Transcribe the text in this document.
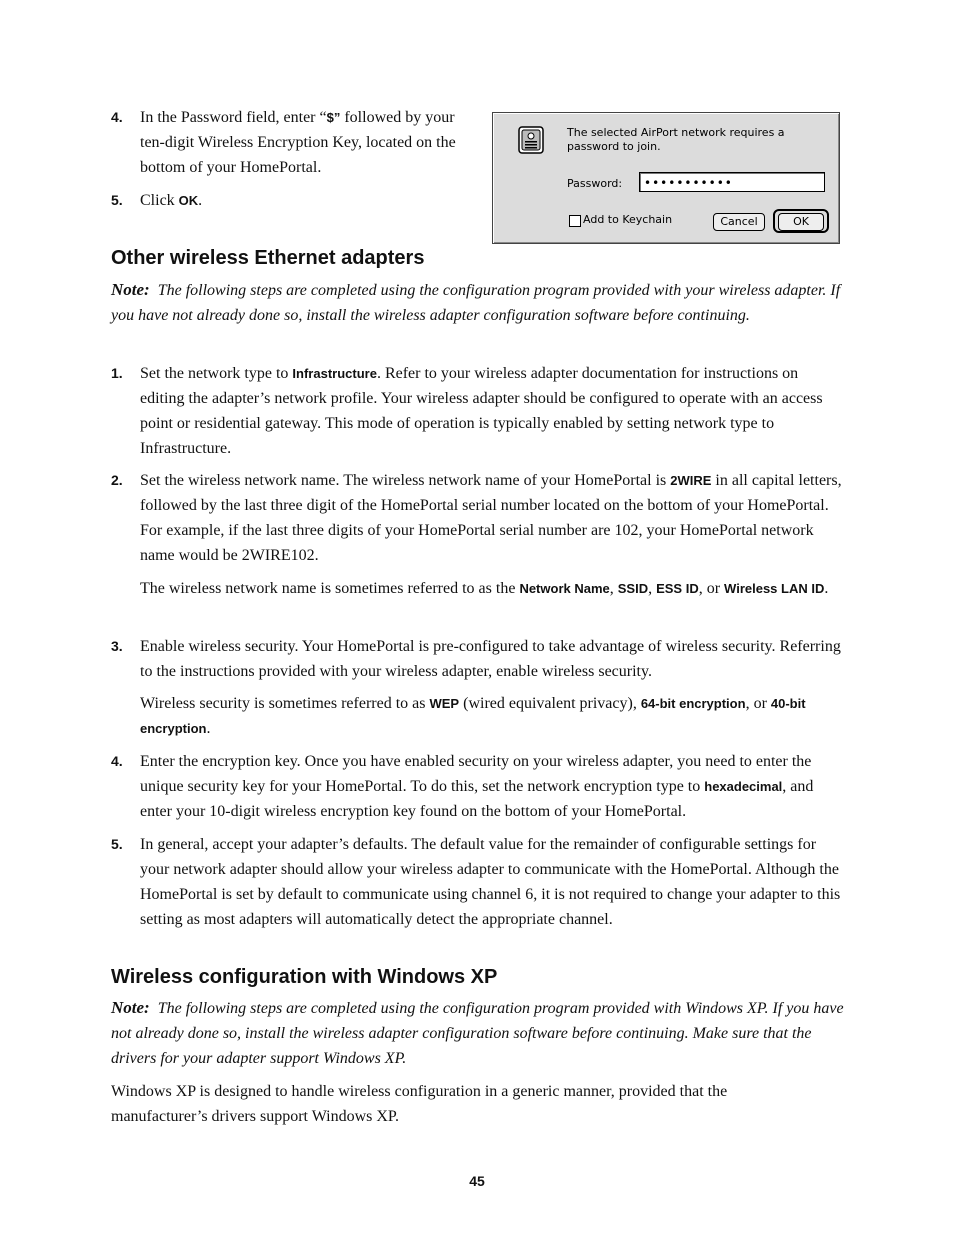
4. In the Password field, enter “$” followed by your ten-digit Wireless Encryption Key, located on the bottom of your HomePortal.

5. Click OK.

The selected AirPort network requires a password to join.
Password:	•••••••••••
Add to Keychain	Cancel	OK
Other wireless Ethernet adapters

Note: The following steps are completed using the configuration program provided with your wireless adapter. If you have not already done so, install the wireless adapter configuration software before continuing.

1. Set the network type to Infrastructure. Refer to your wireless adapter documentation for instructions on editing the adapter’s network profile. Your wireless adapter should be configured to operate with an access point or residential gateway. This mode of operation is typically enabled by setting network type to Infrastructure.

2. Set the wireless network name. The wireless network name of your HomePortal is 2WIRE in all capital letters, followed by the last three digit of the HomePortal serial number located on the bottom of your HomePortal. For example, if the last three digits of your HomePortal serial number are 102, your HomePortal network name would be 2WIRE102.

The wireless network name is sometimes referred to as the Network Name, SSID, ESS ID, or Wireless LAN ID.

3. Enable wireless security. Your HomePortal is pre-configured to take advantage of wireless security. Referring to the instructions provided with your wireless adapter, enable wireless security.

Wireless security is sometimes referred to as WEP (wired equivalent privacy), 64-bit encryption, or 40-bit encryption.

4. Enter the encryption key. Once you have enabled security on your wireless adapter, you need to enter the unique security key for your HomePortal. To do this, set the network encryption type to hexadecimal, and enter your 10-digit wireless encryption key found on the bottom of your HomePortal.

5. In general, accept your adapter’s defaults. The default value for the remainder of configurable settings for your network adapter should allow your wireless adapter to communicate with the HomePortal. Although the HomePortal is set by default to communicate using channel 6, it is not required to change your adapter to this setting as most adapters will automatically detect the appropriate channel.

Wireless configuration with Windows XP

Note: The following steps are completed using the configuration program provided with Windows XP. If you have not already done so, install the wireless adapter configuration software before continuing. Make sure that the drivers for your adapter support Windows XP.

Windows XP is designed to handle wireless configuration in a generic manner, provided that the manufacturer’s drivers support Windows XP.

45
